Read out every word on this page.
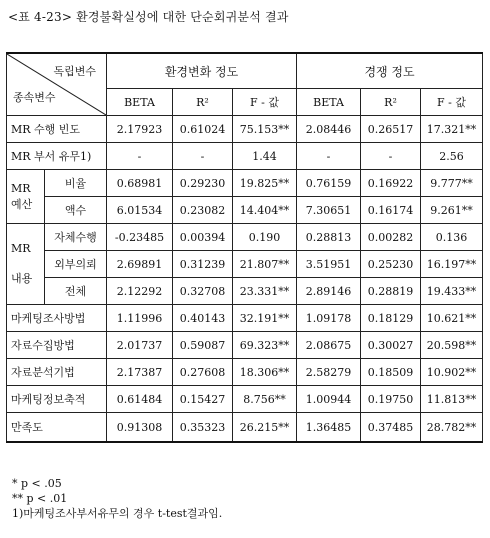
<표 4-23> 환경불확실성에 대한 단순회귀분석 결과
독립변수
종속변수		환경변화 정도			경쟁 정도		
		BETA	R²	F - 값	BETA	R²	F - 값
MR 수행 빈도		2.17923	0.61024	75.153**	2.08446	0.26517	17.321**
MR 부서 유무1)		-	-	1.44	-	-	2.56

MR
예산	비율	0.68981	0.29230	19.825**	0.76159	0.16922	9.777**
	액수	6.01534	0.23082	14.404**	7.30651	0.16174	9.261**

MR
내용	자체수행	-0.23485	0.00394	0.190	0.28813	0.00282	0.136
	외부의뢰	2.69891	0.31239	21.807**	3.51951	0.25230	16.197**
	전체	2.12292	0.32708	23.331**	2.89146	0.28819	19.433**
마케팅조사방법		1.11996	0.40143	32.191**	1.09178	0.18129	10.621**
자료수집방법		2.01737	0.59087	69.323**	2.08675	0.30027	20.598**
자료분석기법		2.17387	0.27608	18.306**	2.58279	0.18509	10.902**
마케팅정보축적		0.61484	0.15427	8.756**	1.00944	0.19750	11.813**
만족도		0.91308	0.35323	26.215**	1.36485	0.37485	28.782**
* p < .05
** p < .01
1)마케팅조사부서유무의 경우 t-test결과임.
